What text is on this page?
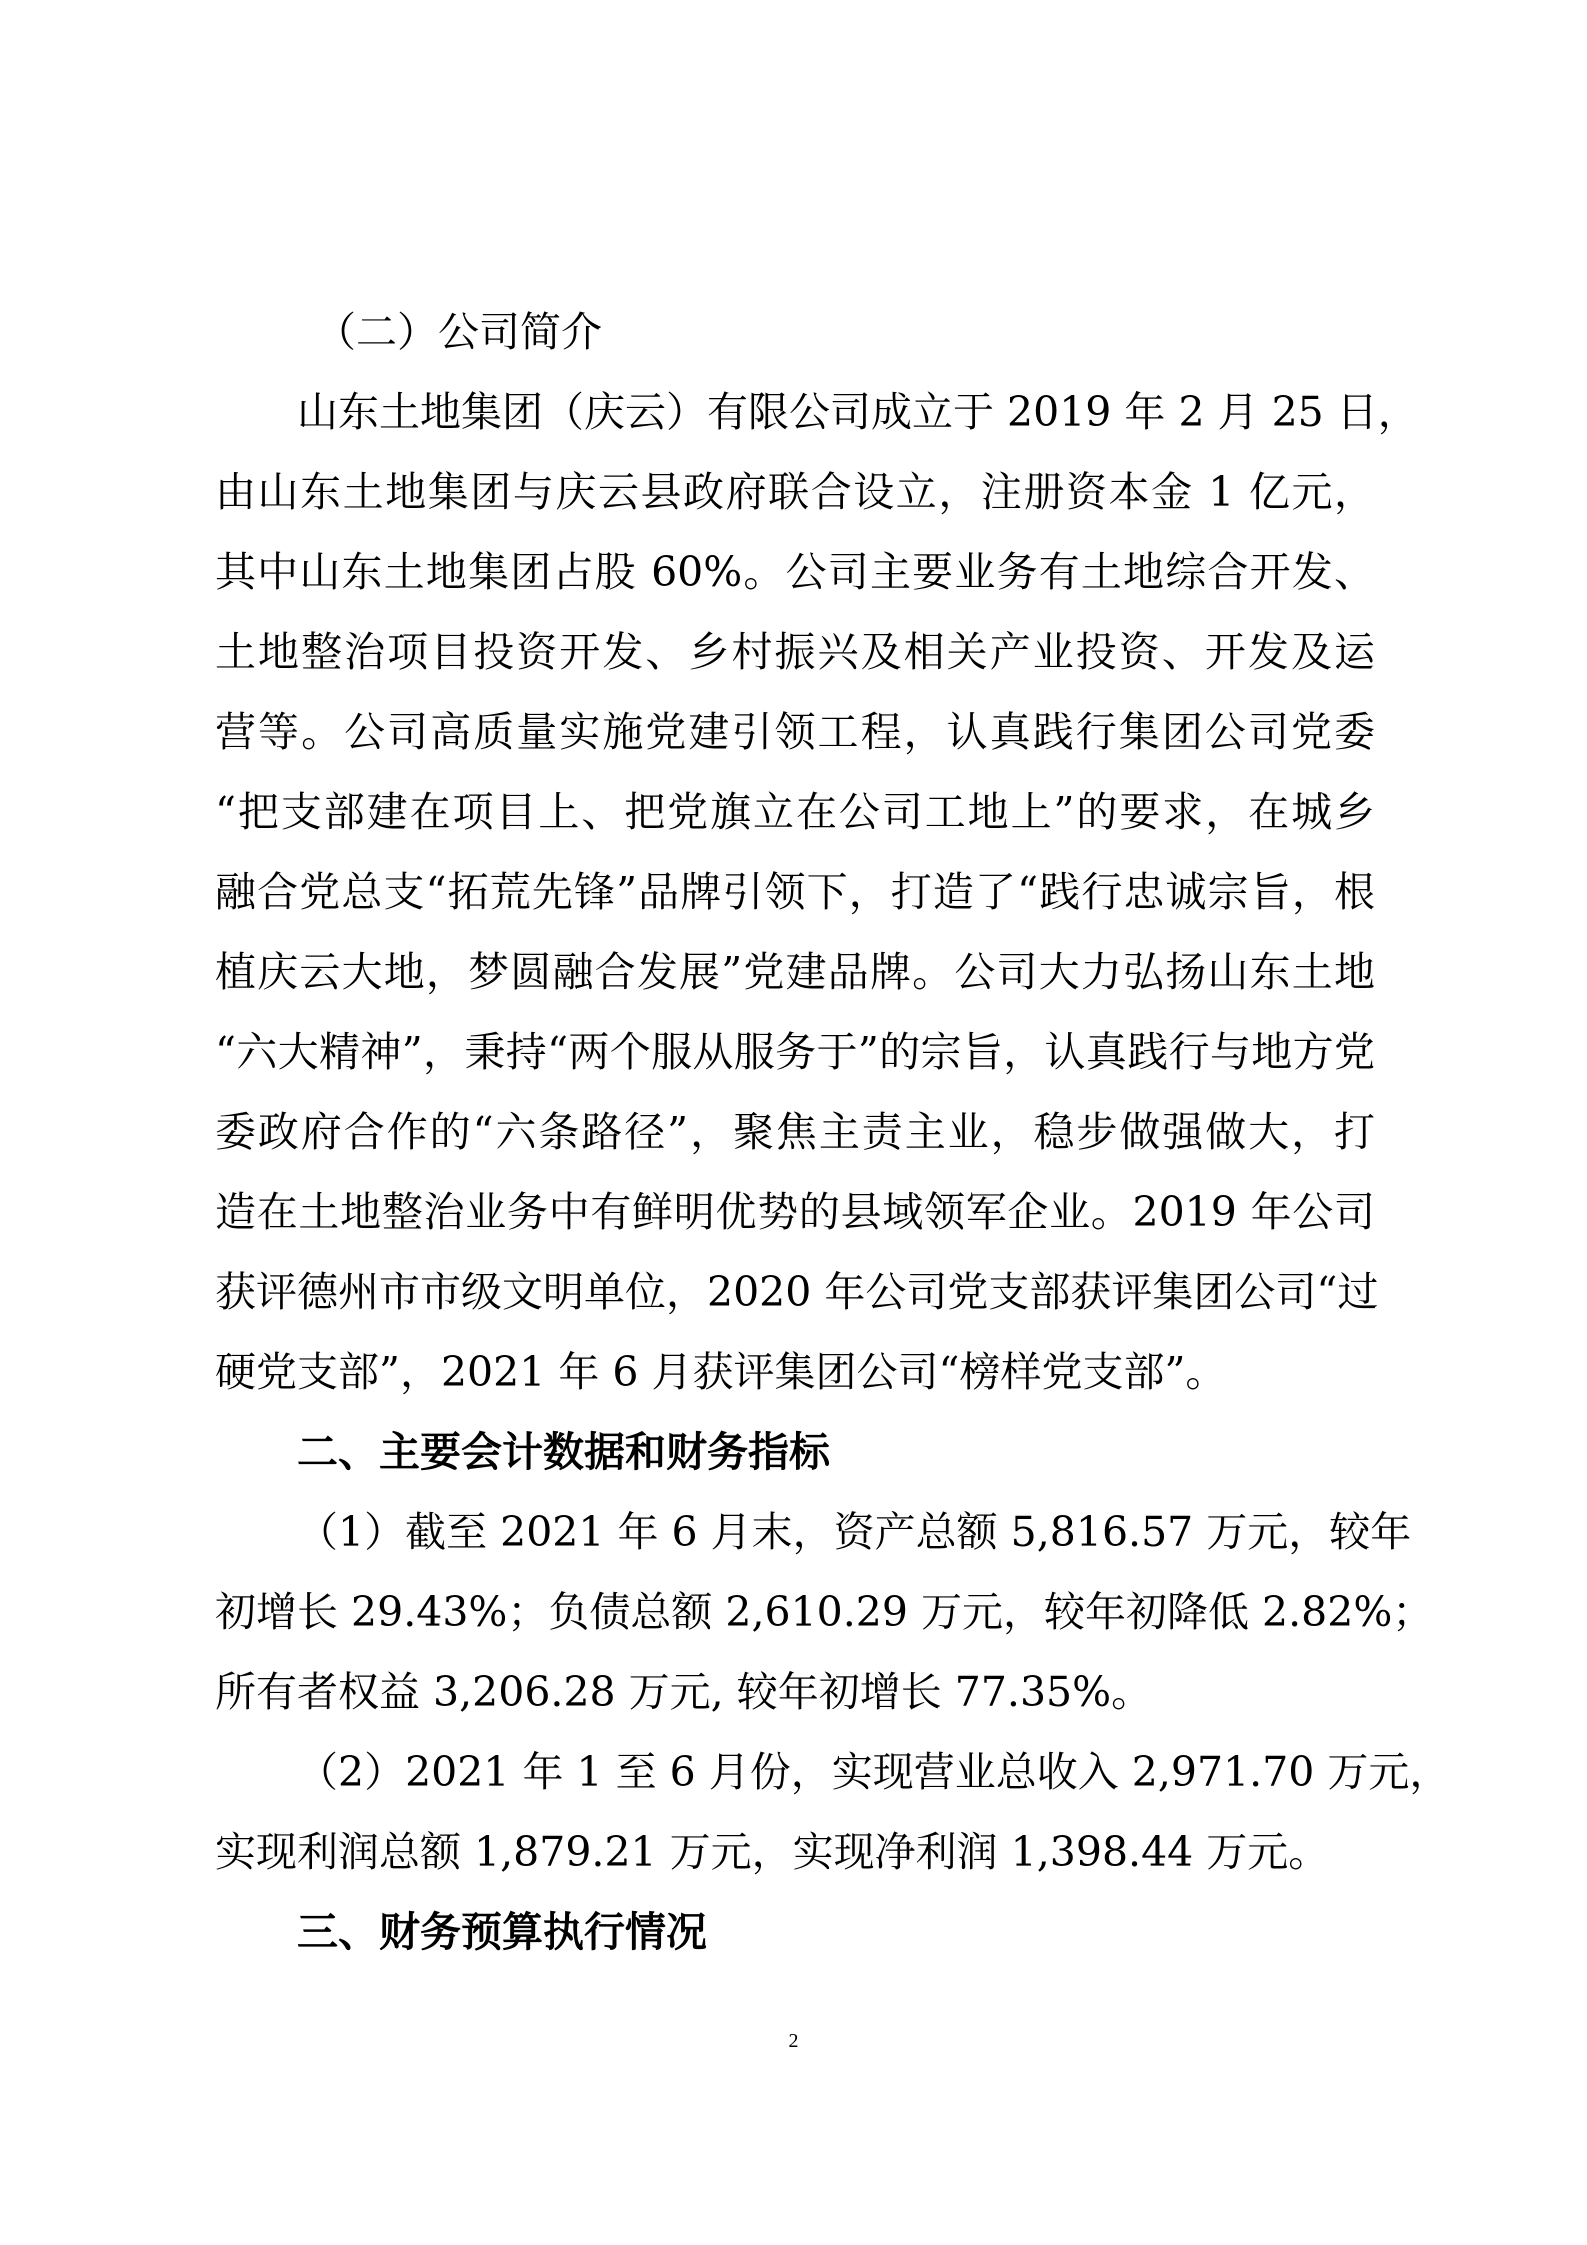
（二）公司简介
山东土地集团（庆云）有限公司成立于 2019 年 2 月 25 日，
由山东土地集团与庆云县政府联合设立，注册资本金 1 亿元，
其中山东土地集团占股 60%。公司主要业务有土地综合开发、
土地整治项目投资开发、乡村振兴及相关产业投资、开发及运
营等。公司高质量实施党建引领工程，认真践行集团公司党委
“把支部建在项目上、把党旗立在公司工地上”的要求，在城乡
融合党总支“拓荒先锋”品牌引领下，打造了“践行忠诚宗旨，根
植庆云大地，梦圆融合发展”党建品牌。公司大力弘扬山东土地
“六大精神”，秉持“两个服从服务于”的宗旨，认真践行与地方党
委政府合作的“六条路径”，聚焦主责主业，稳步做强做大，打
造在土地整治业务中有鲜明优势的县域领军企业。2019 年公司
获评德州市市级文明单位，2020 年公司党支部获评集团公司“过
硬党支部”，2021 年 6 月获评集团公司“榜样党支部”。
二、主要会计数据和财务指标
（1）截至 2021 年 6 月末，资产总额 5,816.57 万元，较年
初增长 29.43%；负债总额 2,610.29 万元，较年初降低 2.82%；
所有者权益 3,206.28 万元, 较年初增长 77.35%。
（2）2021 年 1 至 6 月份，实现营业总收入 2,971.70 万元，
实现利润总额 1,879.21 万元，实现净利润 1,398.44 万元。
三、财务预算执行情况
2
